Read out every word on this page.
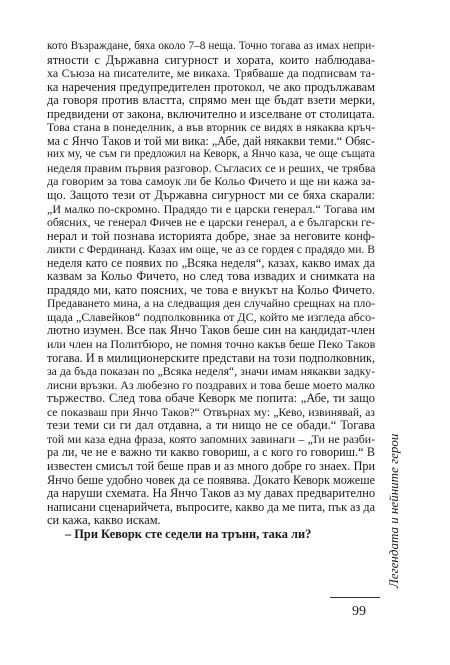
кото Възраждане, бяха около 7–8 неща. Точно тогава аз имах непри-
ятности с Държавна сигурност и хората, които наблюдава-
ха Съюза на писателите, ме викаха. Трябваше да подписвам та-
ка наречения предупредителен протокол, че ако продължавам
да говоря против властта, спрямо мен ще бъдат взети мерки,
предвидени от закона, включително и изселване от столицата.
Това стана в понеделник, а във вторник се видях в някаква кръч-
ма с Янчо Таков и той ми вика: „Абе, дай някакви теми.“ Обяс-
них му, че съм ги предложил на Кеворк, а Янчо каза, че още същата
неделя правим първия разговор. Съгласих се и реших, че трябва
да говорим за това самоук ли бе Кольо Фичето и ще ни кажа за-
що. Защото тези от Държавна сигурност ми се бяха скарали:
„И малко по-скромно. Прадядо ти е царски генерал.“ Тогава им
обясних, че генерал Фичев не е царски генерал, а е български ге-
нерал и той познава историята добре, знае за неговите конф-
ликти с Фердинанд. Казах им още, че аз се гордея с прадядо ми. В
неделя като се появих по „Всяка неделя“, казах, какво имах да
казвам за Кольо Фичето, но след това извадих и снимката на
прадядо ми, като поясних, че това е внукът на Кольо Фичето.
Предаването мина, а на следващия ден случайно срещнах на пло-
щада „Славейков“ подполковника от ДС, който ме изгледа абсо-
лютно изумен. Все пак Янчо Таков беше син на кандидат-член
или член на Политбюро, не помня точно какъв беше Пеко Таков
тогава. И в милиционерските представи на този подполковник,
за да бъда показан по „Всяка неделя“, значи имам някакви задку-
лисни връзки. Аз любезно го поздравих и това беше моето малко
тържество. След това обаче Кеворк ме попита: „Абе, ти защо
се показваш при Янчо Таков?“ Отвърнах му: „Кево, извинявай, аз
тези теми си ги дал отдавна, а ти нищо не се обади.“ Тогава
той ми каза една фраза, която запомних завинаги – „Ти не разби-
ра ли, че не е важно ти какво говориш, а с кого го говориш.“ В
известен смисъл той беше прав и аз много добре го знаех. При
Янчо беше удобно човек да се появява. Докато Кеворк можеше
да наруши схемата. На Янчо Таков аз му давах предварително
написани сценарийчета, въпросите, какво да ме пита, пък аз да
си кажа, какво искам.
– При Кеворк сте седели на тръни, така ли?	Легендата и нейните герои
99
